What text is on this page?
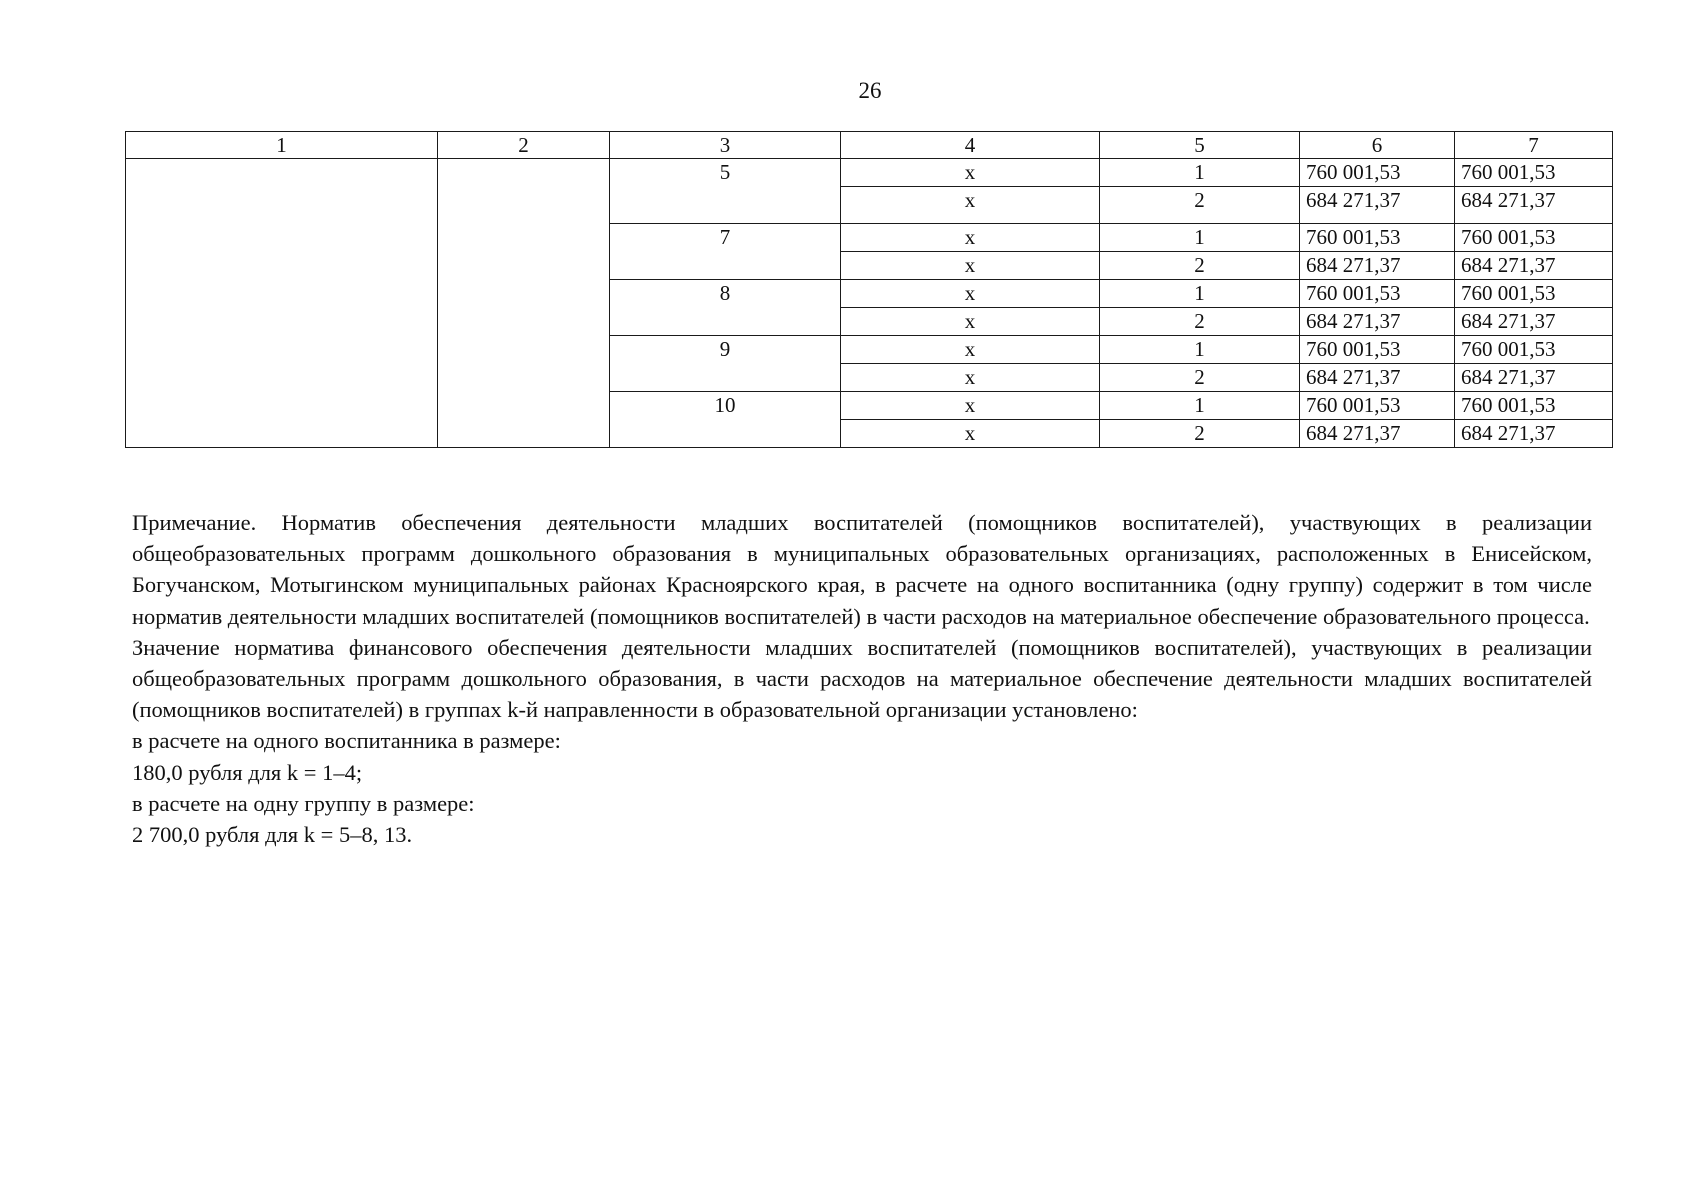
26
1	2	3	4	5	6	7
		5	х	1	760 001,53	760 001,53
			х	2	684 271,37	684 271,37
		7	х	1	760 001,53	760 001,53
			х	2	684 271,37	684 271,37
		8	х	1	760 001,53	760 001,53
			х	2	684 271,37	684 271,37
		9	х	1	760 001,53	760 001,53
			х	2	684 271,37	684 271,37
		10	х	1	760 001,53	760 001,53
			х	2	684 271,37	684 271,37

Примечание. Норматив обеспечения деятельности младших воспитателей (помощников воспитателей), участвующих в реализации общеобразовательных программ дошкольного образования в муниципальных образовательных организациях, расположенных в Енисейском, Богучанском, Мотыгинском муниципальных районах Красноярского края, в расчете на одного воспитанника (одну группу) содержит в том числе норматив деятельности младших воспитателей (помощников воспитателей) в части расходов на материальное обеспечение образовательного процесса.

Значение норматива финансового обеспечения деятельности младших воспитателей (помощников воспитателей), участвующих в реализации общеобразовательных программ дошкольного образования, в части расходов на материальное обеспечение деятельности младших воспитателей (помощников воспитателей) в группах k-й направленности в образовательной организации установлено:

в расчете на одного воспитанника в размере:

180,0 рубля для k = 1–4;

в расчете на одну группу в размере:

2 700,0 рубля для k = 5–8, 13.
